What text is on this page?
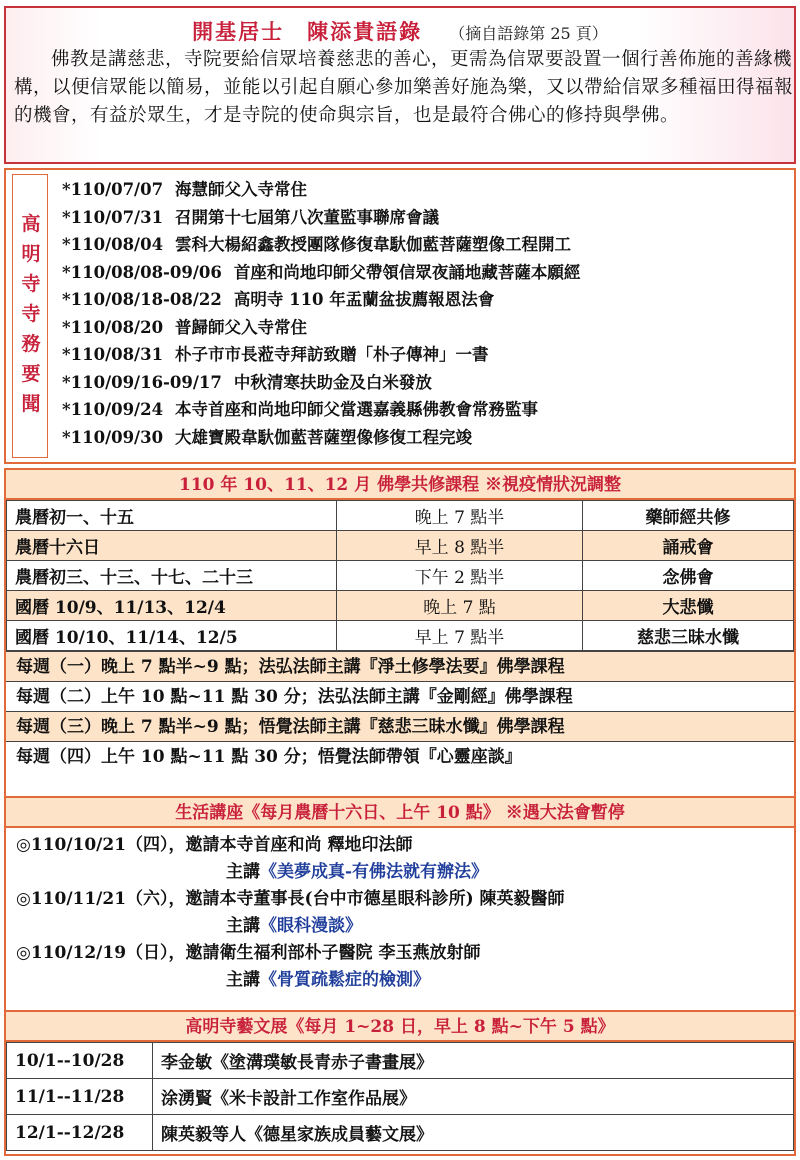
開基居士　陳添貴語錄 （摘自語錄第 25 頁）
佛教是講慈悲，寺院要給信眾培養慈悲的善心，更需為信眾要設置一個行善佈施的善緣機構，以便信眾能以簡易，並能以引起自願心參加樂善好施為樂，又以帶給信眾多種福田得福報的機會，有益於眾生，才是寺院的使命與宗旨，也是最符合佛心的修持與學佛。
高明寺寺務要聞
*110/07/07 海慧師父入寺常住
*110/07/31 召開第十七屆第八次董監事聯席會議
*110/08/04 雲科大楊紹鑫教授團隊修復韋馱伽藍菩薩塑像工程開工
*110/08/08-09/06 首座和尚地印師父帶領信眾夜誦地藏菩薩本願經
*110/08/18-08/22 高明寺 110 年盂蘭盆拔薦報恩法會
*110/08/20 普歸師父入寺常住
*110/08/31 朴子市市長蒞寺拜訪致贈「朴子傳神」一書
*110/09/16-09/17 中秋清寒扶助金及白米發放
*110/09/24 本寺首座和尚地印師父當選嘉義縣佛教會常務監事
*110/09/30 大雄寶殿韋馱伽藍菩薩塑像修復工程完竣
110 年 10、11、12 月 佛學共修課程 ※視疫情狀況調整
農曆初一、十五	晚上 7 點半	藥師經共修
農曆十六日	早上 8 點半	誦戒會
農曆初三、十三、十七、二十三	下午 2 點半	念佛會
國曆 10/9、11/13、12/4	晚上 7 點	大悲懺
國曆 10/10、11/14、12/5	早上 7 點半	慈悲三昧水懺
每週（一）晚上 7 點半~9 點；法弘法師主講『淨土修學法要』佛學課程
每週（二）上午 10 點~11 點 30 分；法弘法師主講『金剛經』佛學課程
每週（三）晚上 7 點半~9 點；悟覺法師主講『慈悲三昧水懺』佛學課程
每週（四）上午 10 點~11 點 30 分；悟覺法師帶領『心靈座談』
生活講座《每月農曆十六日、上午 10 點》 ※遇大法會暫停
◎110/10/21（四），邀請本寺首座和尚 釋地印法師
主講《美夢成真-有佛法就有辦法》
◎110/11/21（六），邀請本寺董事長(台中市德星眼科診所) 陳英毅醫師
主講《眼科漫談》
◎110/12/19（日），邀請衛生福利部朴子醫院 李玉燕放射師
主講《骨質疏鬆症的檢測》
高明寺藝文展《每月 1~28 日，早上 8 點~下午 5 點》
10/1--10/28	李金敏《塗溝璞敏長青赤子書畫展》
11/1--11/28	涂湧賢《米卡設計工作室作品展》
12/1--12/28	陳英毅等人《德星家族成員藝文展》
